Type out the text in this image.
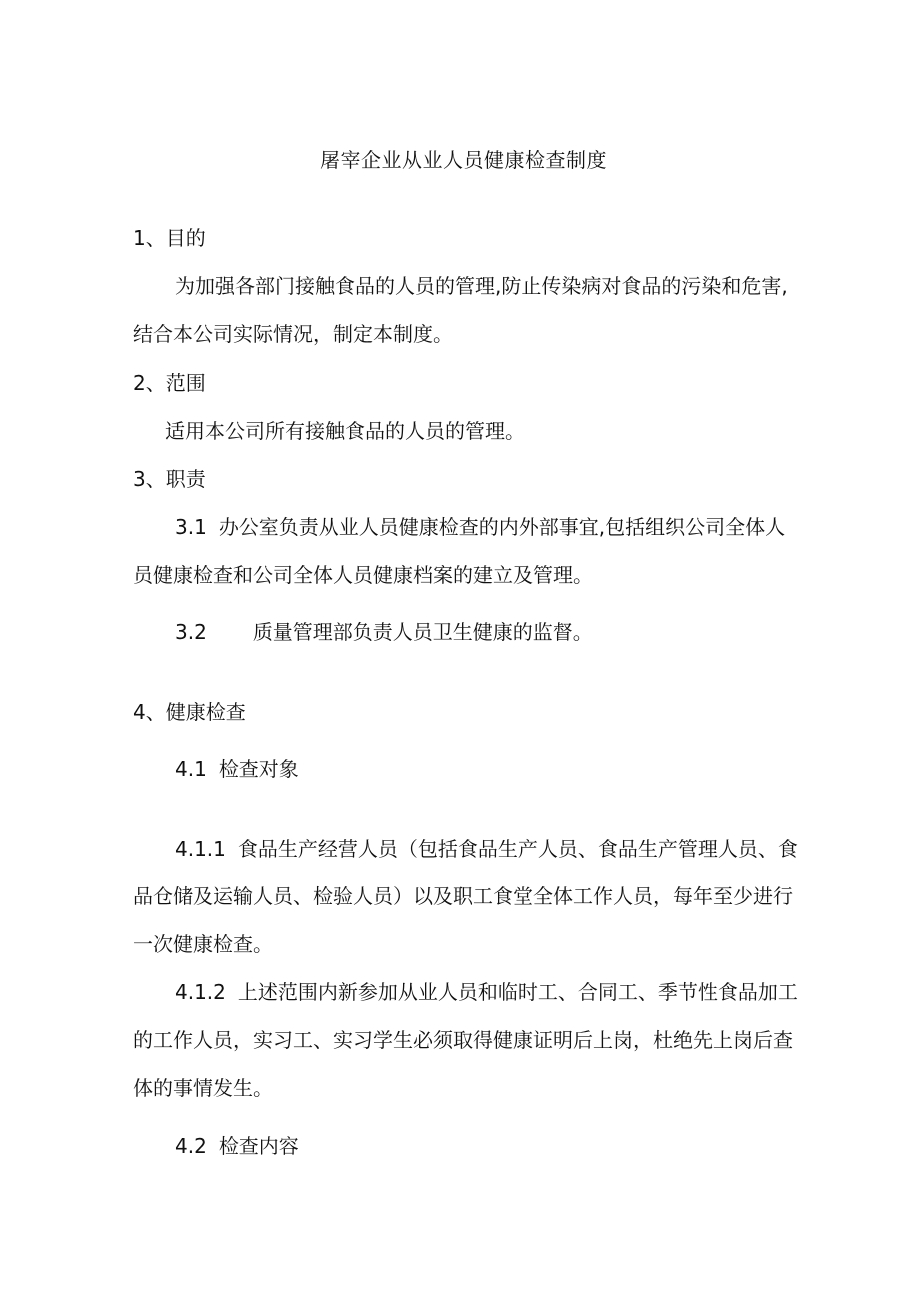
屠宰企业从业人员健康检查制度
1、目的
为加强各部门接触食品的人员的管理,防止传染病对食品的污染和危害,
结合本公司实际情况，制定本制度。
2、范围
适用本公司所有接触食品的人员的管理。
3、职责
3.1 办公室负责从业人员健康检查的内外部事宜,包括组织公司全体人
员健康检查和公司全体人员健康档案的建立及管理。
3.2 质量管理部负责人员卫生健康的监督。
4、健康检查
4.1 检查对象
4.1.1 食品生产经营人员（包括食品生产人员、食品生产管理人员、食
品仓储及运输人员、检验人员）以及职工食堂全体工作人员，每年至少进行
一次健康检查。
4.1.2 上述范围内新参加从业人员和临时工、合同工、季节性食品加工
的工作人员，实习工、实习学生必须取得健康证明后上岗，杜绝先上岗后查
体的事情发生。
4.2 检查内容
